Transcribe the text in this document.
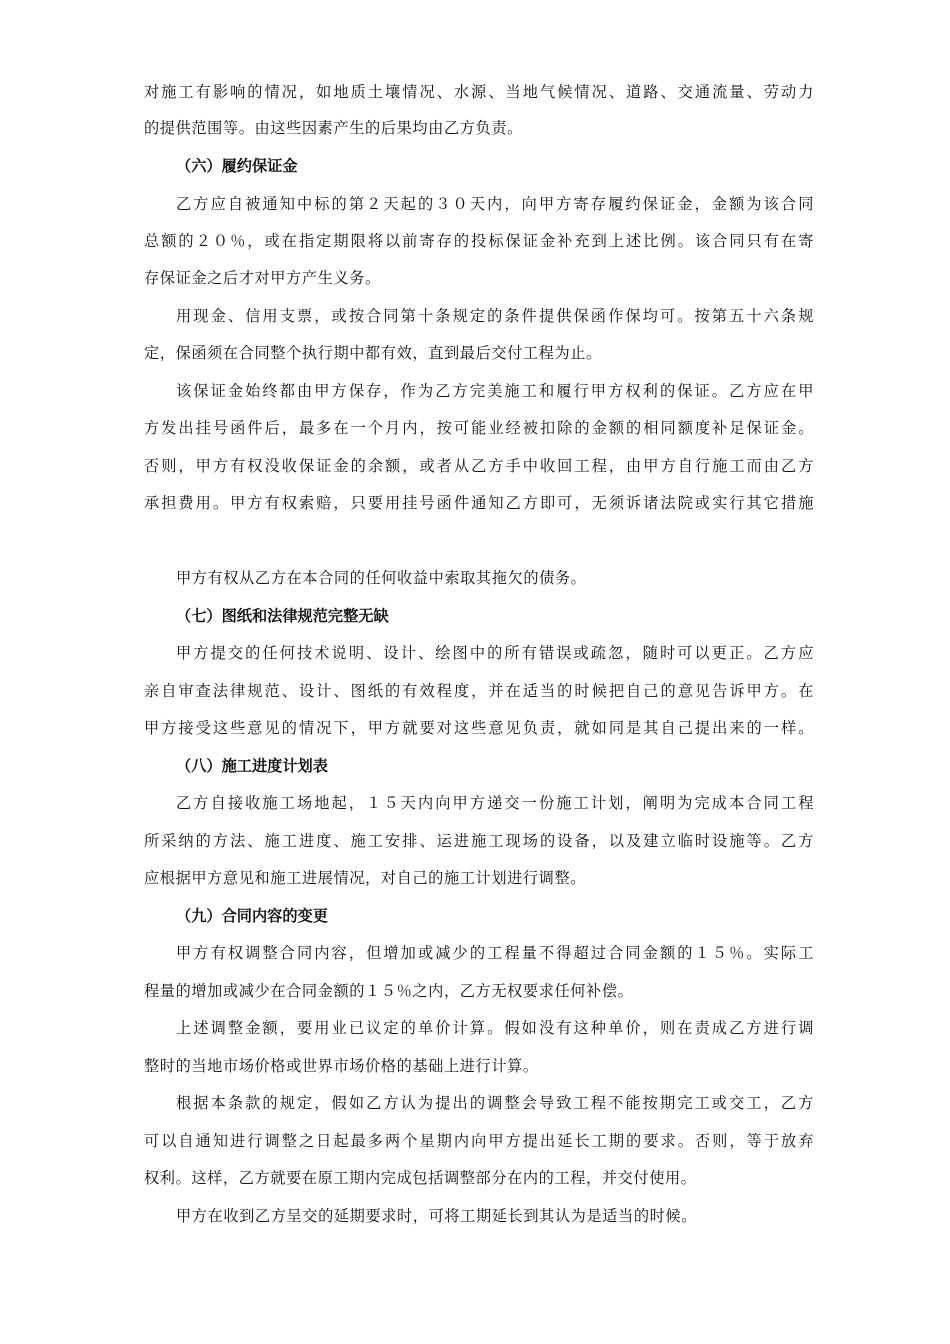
对施工有影响的情况，如地质土壤情况、水源、当地气候情况、道路、交通流量、劳动力
的提供范围等。由这些因素产生的后果均由乙方负责。
（六）履约保证金
乙方应自被通知中标的第２天起的３０天内，向甲方寄存履约保证金，金额为该合同
总额的２０％，或在指定期限将以前寄存的投标保证金补充到上述比例。该合同只有在寄
存保证金之后才对甲方产生义务。
用现金、信用支票，或按合同第十条规定的条件提供保函作保均可。按第五十六条规
定，保函须在合同整个执行期中都有效，直到最后交付工程为止。
该保证金始终都由甲方保存，作为乙方完美施工和履行甲方权利的保证。乙方应在甲
方发出挂号函件后，最多在一个月内，按可能业经被扣除的金额的相同额度补足保证金。
否则，甲方有权没收保证金的余额，或者从乙方手中收回工程，由甲方自行施工而由乙方
承担费用。甲方有权索赔，只要用挂号函件通知乙方即可，无须诉诸法院或实行其它措施
甲方有权从乙方在本合同的任何收益中索取其拖欠的债务。
（七）图纸和法律规范完整无缺
甲方提交的任何技术说明、设计、绘图中的所有错误或疏忽，随时可以更正。乙方应
亲自审查法律规范、设计、图纸的有效程度，并在适当的时候把自己的意见告诉甲方。在
甲方接受这些意见的情况下，甲方就要对这些意见负责，就如同是其自己提出来的一样。
（八）施工进度计划表
乙方自接收施工场地起，１５天内向甲方递交一份施工计划，阐明为完成本合同工程
所采纳的方法、施工进度、施工安排、运进施工现场的设备，以及建立临时设施等。乙方
应根据甲方意见和施工进展情况，对自己的施工计划进行调整。
（九）合同内容的变更
甲方有权调整合同内容，但增加或减少的工程量不得超过合同金额的１５％。实际工
程量的增加或减少在合同金额的１５％之内，乙方无权要求任何补偿。
上述调整金额，要用业已议定的单价计算。假如没有这种单价，则在责成乙方进行调
整时的当地市场价格或世界市场价格的基础上进行计算。
根据本条款的规定，假如乙方认为提出的调整会导致工程不能按期完工或交工，乙方
可以自通知进行调整之日起最多两个星期内向甲方提出延长工期的要求。否则，等于放弃
权利。这样，乙方就要在原工期内完成包括调整部分在内的工程，并交付使用。
甲方在收到乙方呈交的延期要求时，可将工期延长到其认为是适当的时候。
